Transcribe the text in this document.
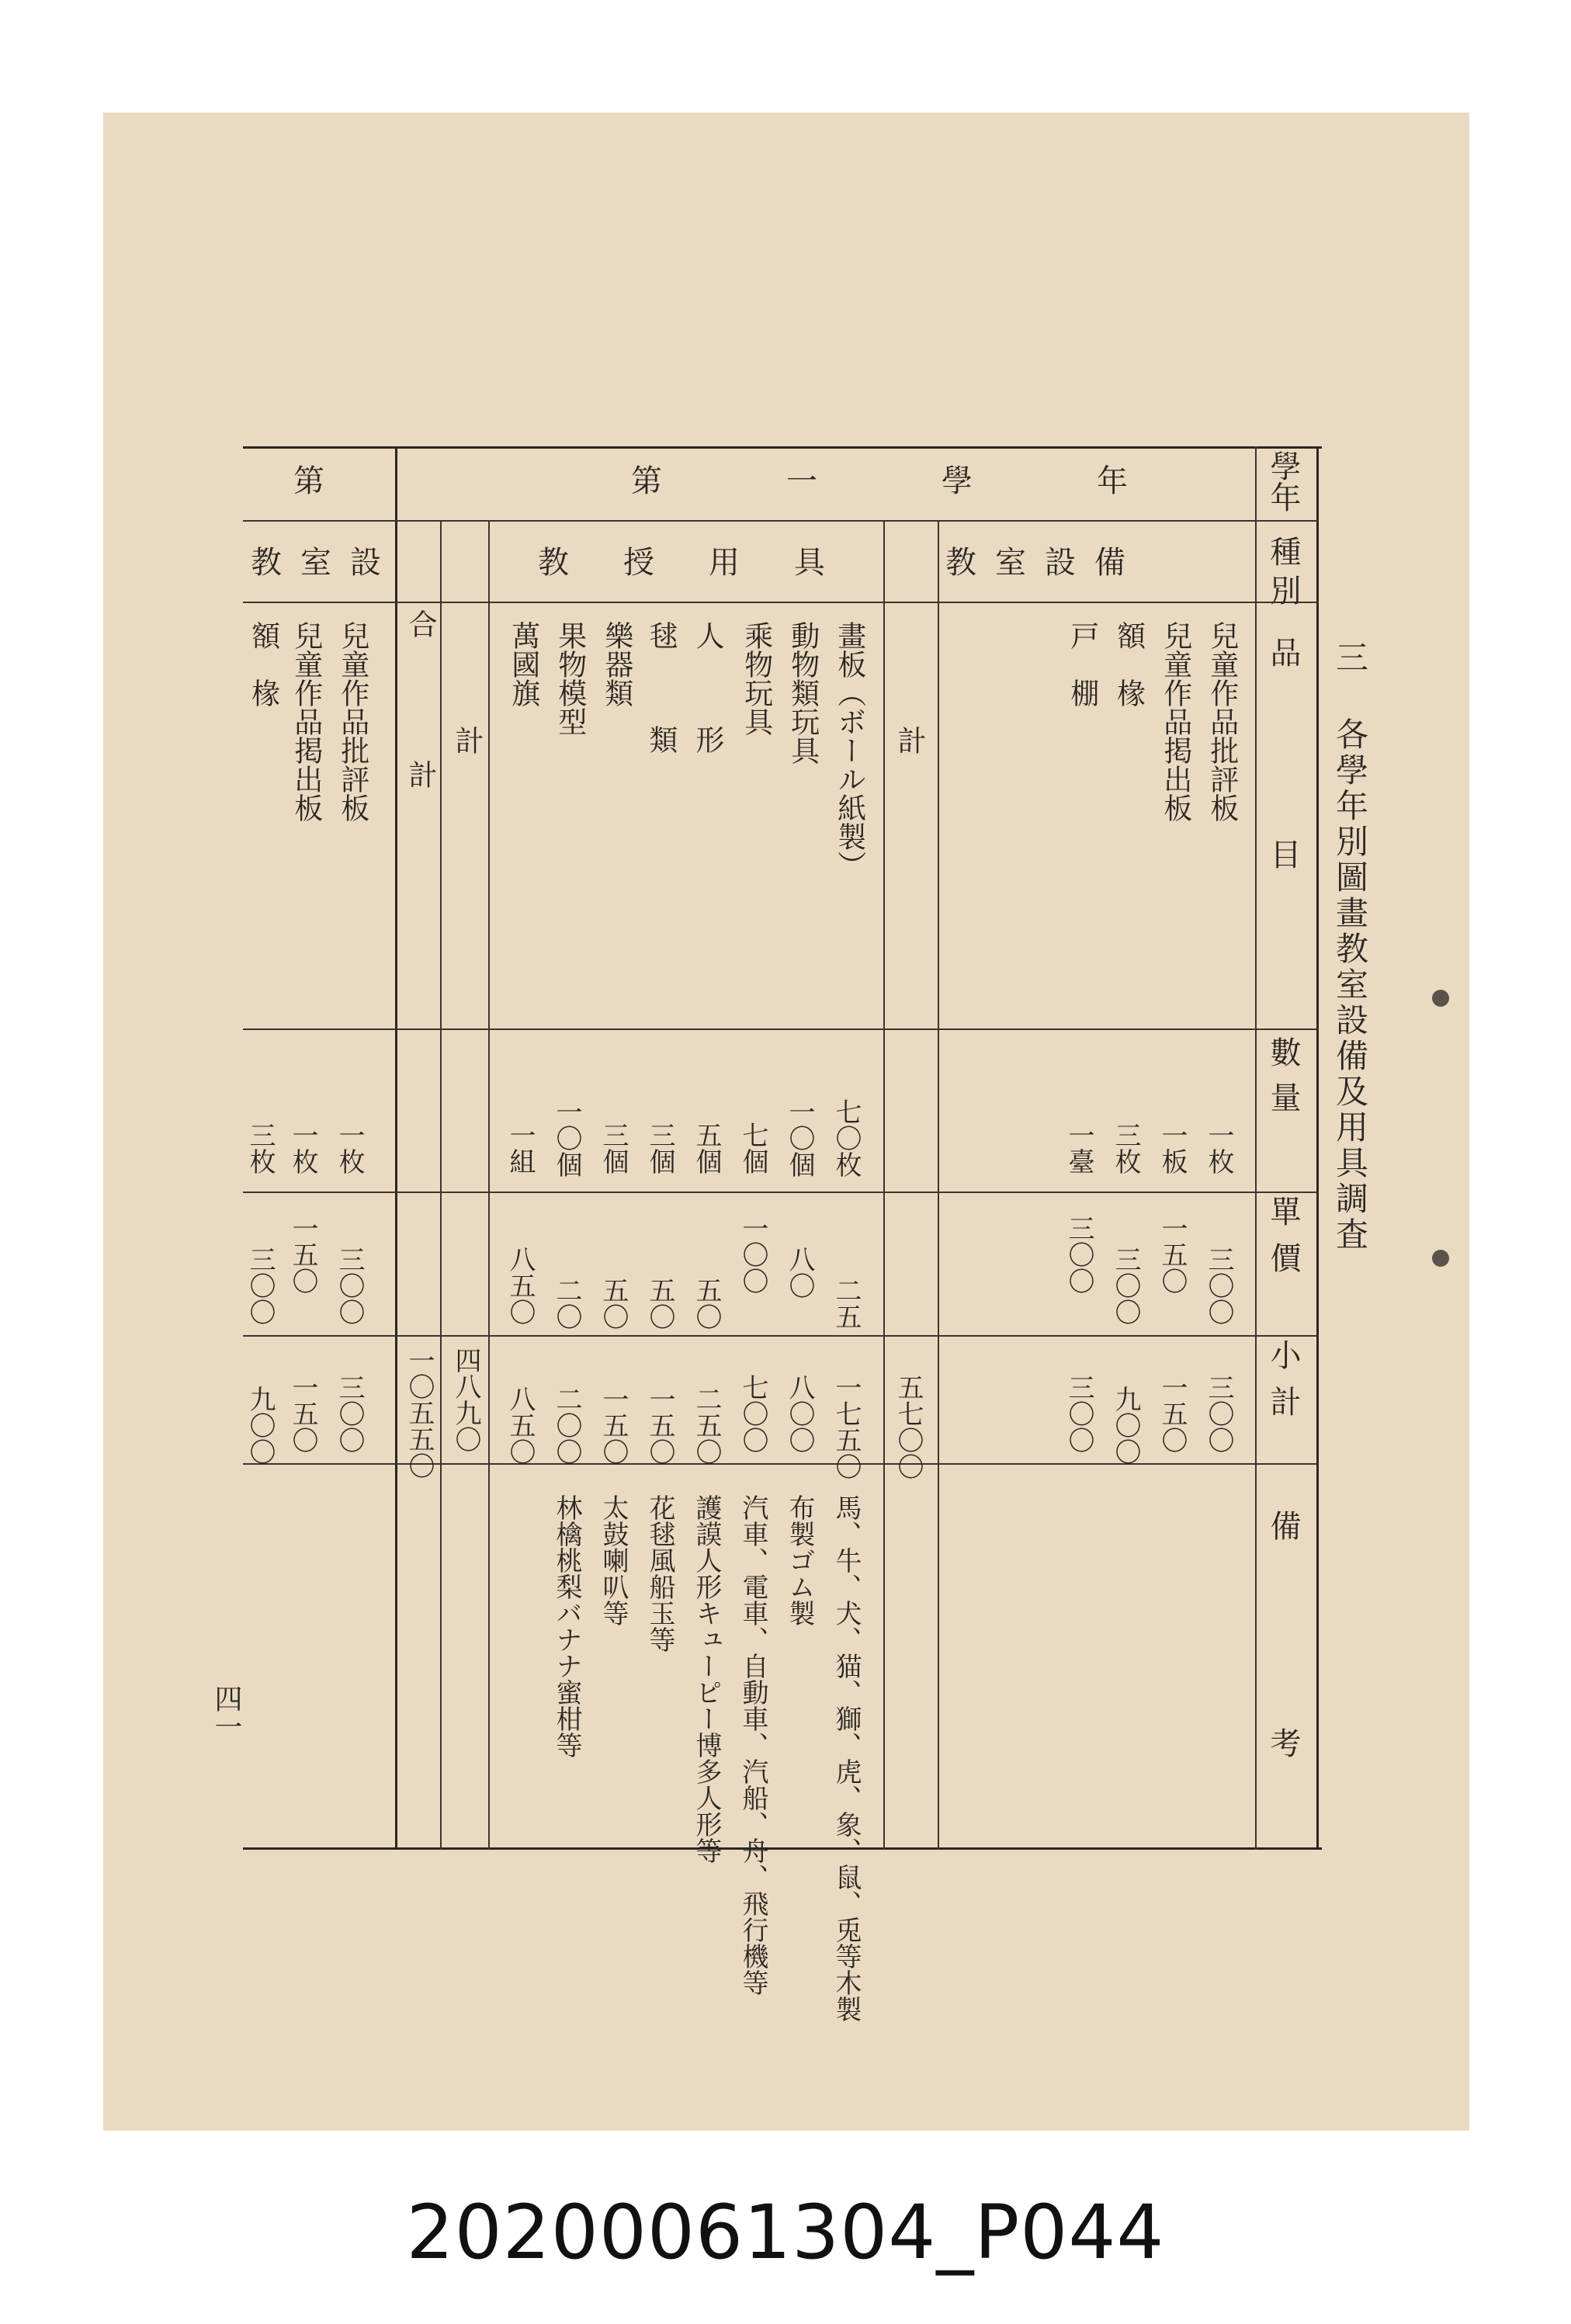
學年
種別
品　　　　目
數量
單價
小計
備　　　考
三 各學年別圖畫教室設備及用具調査
第　一　學　年
第
教室設備
教授用具
教室設
兒童作品批評板
一枚
三〇〇
三〇〇
兒童作品掲出板
一板
一五〇
一五〇
額　椽
三枚
三〇〇
九〇〇
戸　棚
一臺
三〇〇
三〇〇
計
五七〇〇
畫板（ボール紙製）
七〇枚
二五
一七五〇
馬、牛、犬、猫、獅、虎、象、鼠、兎等木製
動物類玩具
一〇個
八〇
八〇〇
布製ゴム製
乘物玩具
七個
一〇〇
七〇〇
汽車、電車、自動車、汽船、舟、飛行機等
人　形
五個
五〇
二五〇
護謨人形キューピー博多人形等
毬　類
三個
五〇
一五〇
花毬風船玉等
樂器類
三個
五〇
一五〇
太鼓喇叭等
果物模型
一〇個
二〇
二〇〇
林檎桃梨バナナ蜜柑等
萬國旗
一組
八五〇
八五〇
計
四八九〇
合　計
一〇五五〇
兒童作品批評板
一枚
三〇〇
三〇〇
兒童作品掲出板
一枚
一五〇
一五〇
額　椽
三枚
三〇〇
九〇〇
四一
20200061304_P044
